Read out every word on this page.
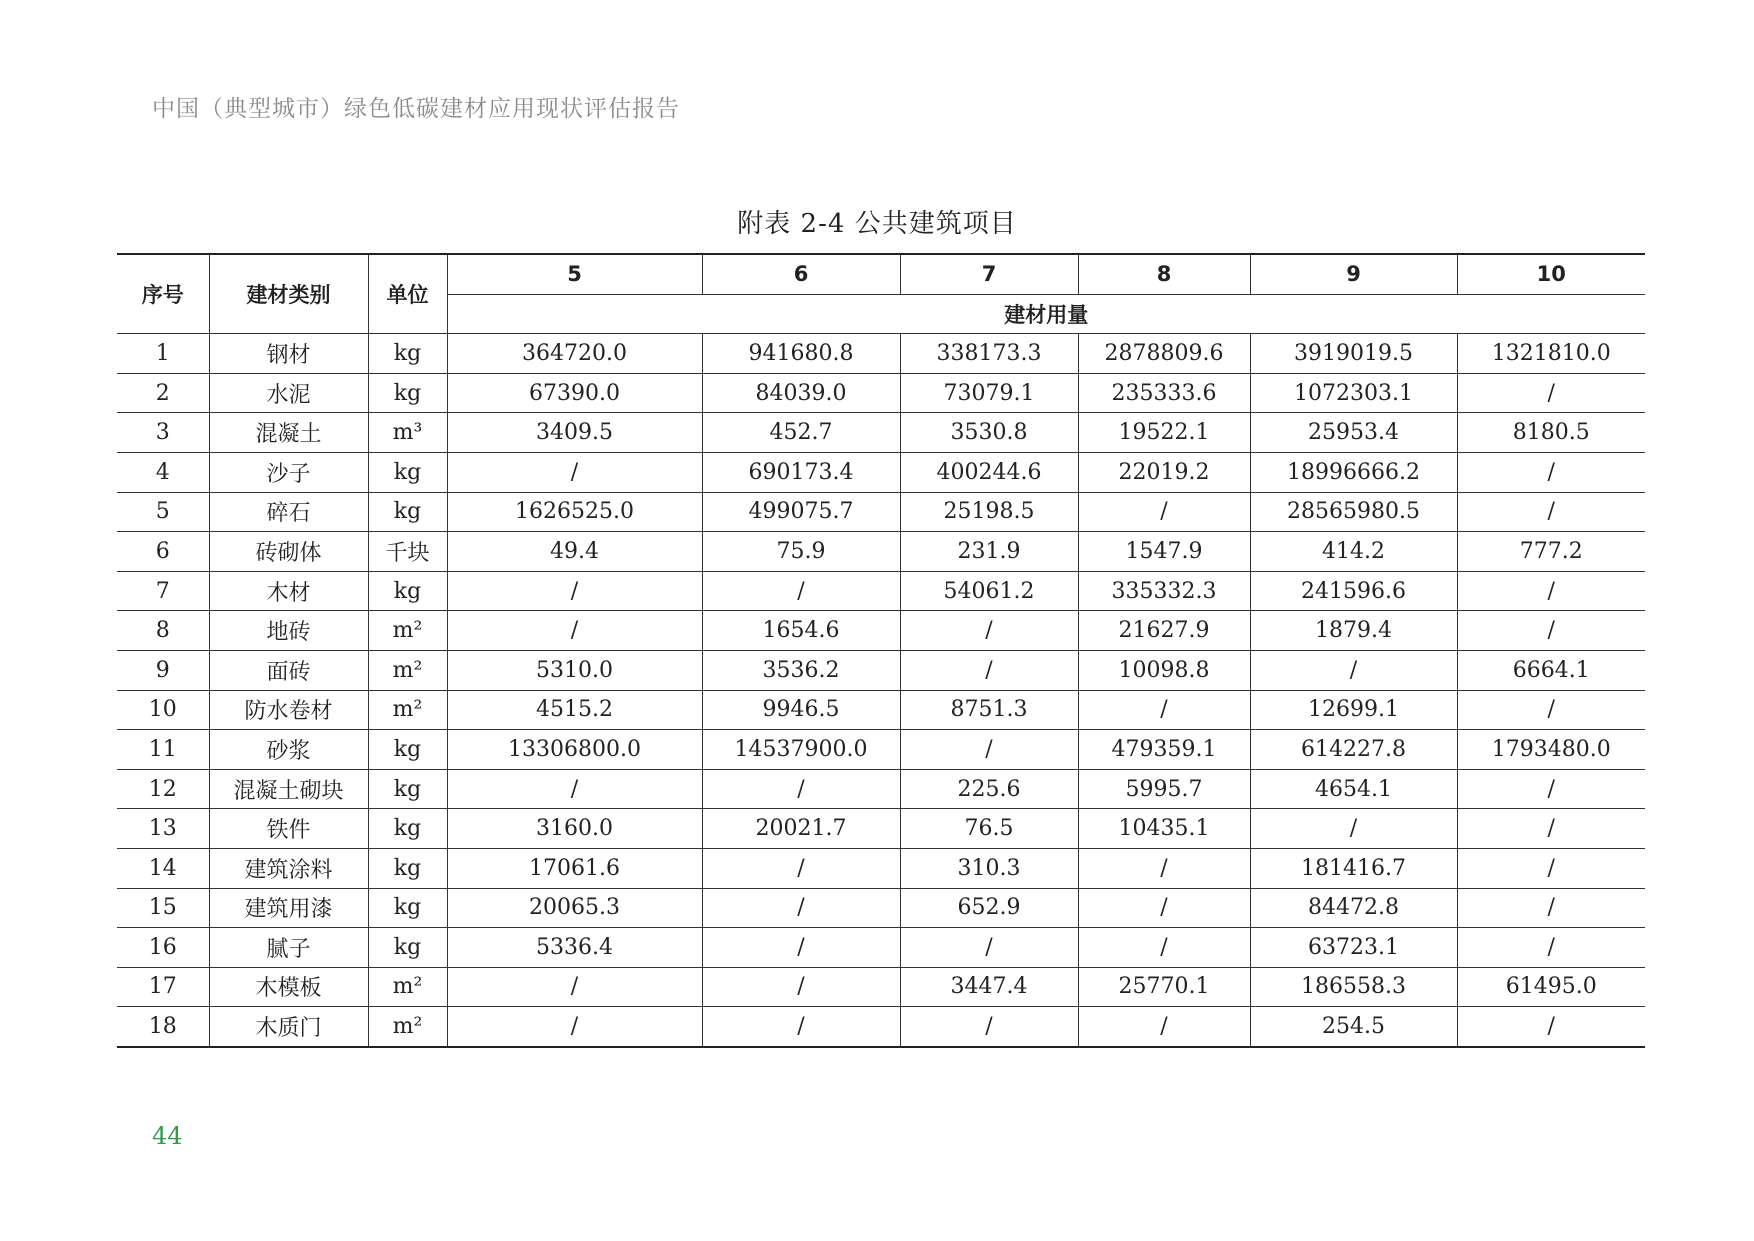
中国（典型城市）绿色低碳建材应用现状评估报告

附表 2-4 公共建筑项目

序号	建材类别	单位	5	6	7	8	9	10
			建材用量					
1	钢材	kg	364720.0	941680.8	338173.3	2878809.6	3919019.5	1321810.0
2	水泥	kg	67390.0	84039.0	73079.1	235333.6	1072303.1	/
3	混凝土	m³	3409.5	452.7	3530.8	19522.1	25953.4	8180.5
4	沙子	kg	/	690173.4	400244.6	22019.2	18996666.2	/
5	碎石	kg	1626525.0	499075.7	25198.5	/	28565980.5	/
6	砖砌体	千块	49.4	75.9	231.9	1547.9	414.2	777.2
7	木材	kg	/	/	54061.2	335332.3	241596.6	/
8	地砖	m²	/	1654.6	/	21627.9	1879.4	/
9	面砖	m²	5310.0	3536.2	/	10098.8	/	6664.1
10	防水卷材	m²	4515.2	9946.5	8751.3	/	12699.1	/
11	砂浆	kg	13306800.0	14537900.0	/	479359.1	614227.8	1793480.0
12	混凝土砌块	kg	/	/	225.6	5995.7	4654.1	/
13	铁件	kg	3160.0	20021.7	76.5	10435.1	/	/
14	建筑涂料	kg	17061.6	/	310.3	/	181416.7	/
15	建筑用漆	kg	20065.3	/	652.9	/	84472.8	/
16	腻子	kg	5336.4	/	/	/	63723.1	/
17	木模板	m²	/	/	3447.4	25770.1	186558.3	61495.0
18	木质门	m²	/	/	/	/	254.5	/

44
